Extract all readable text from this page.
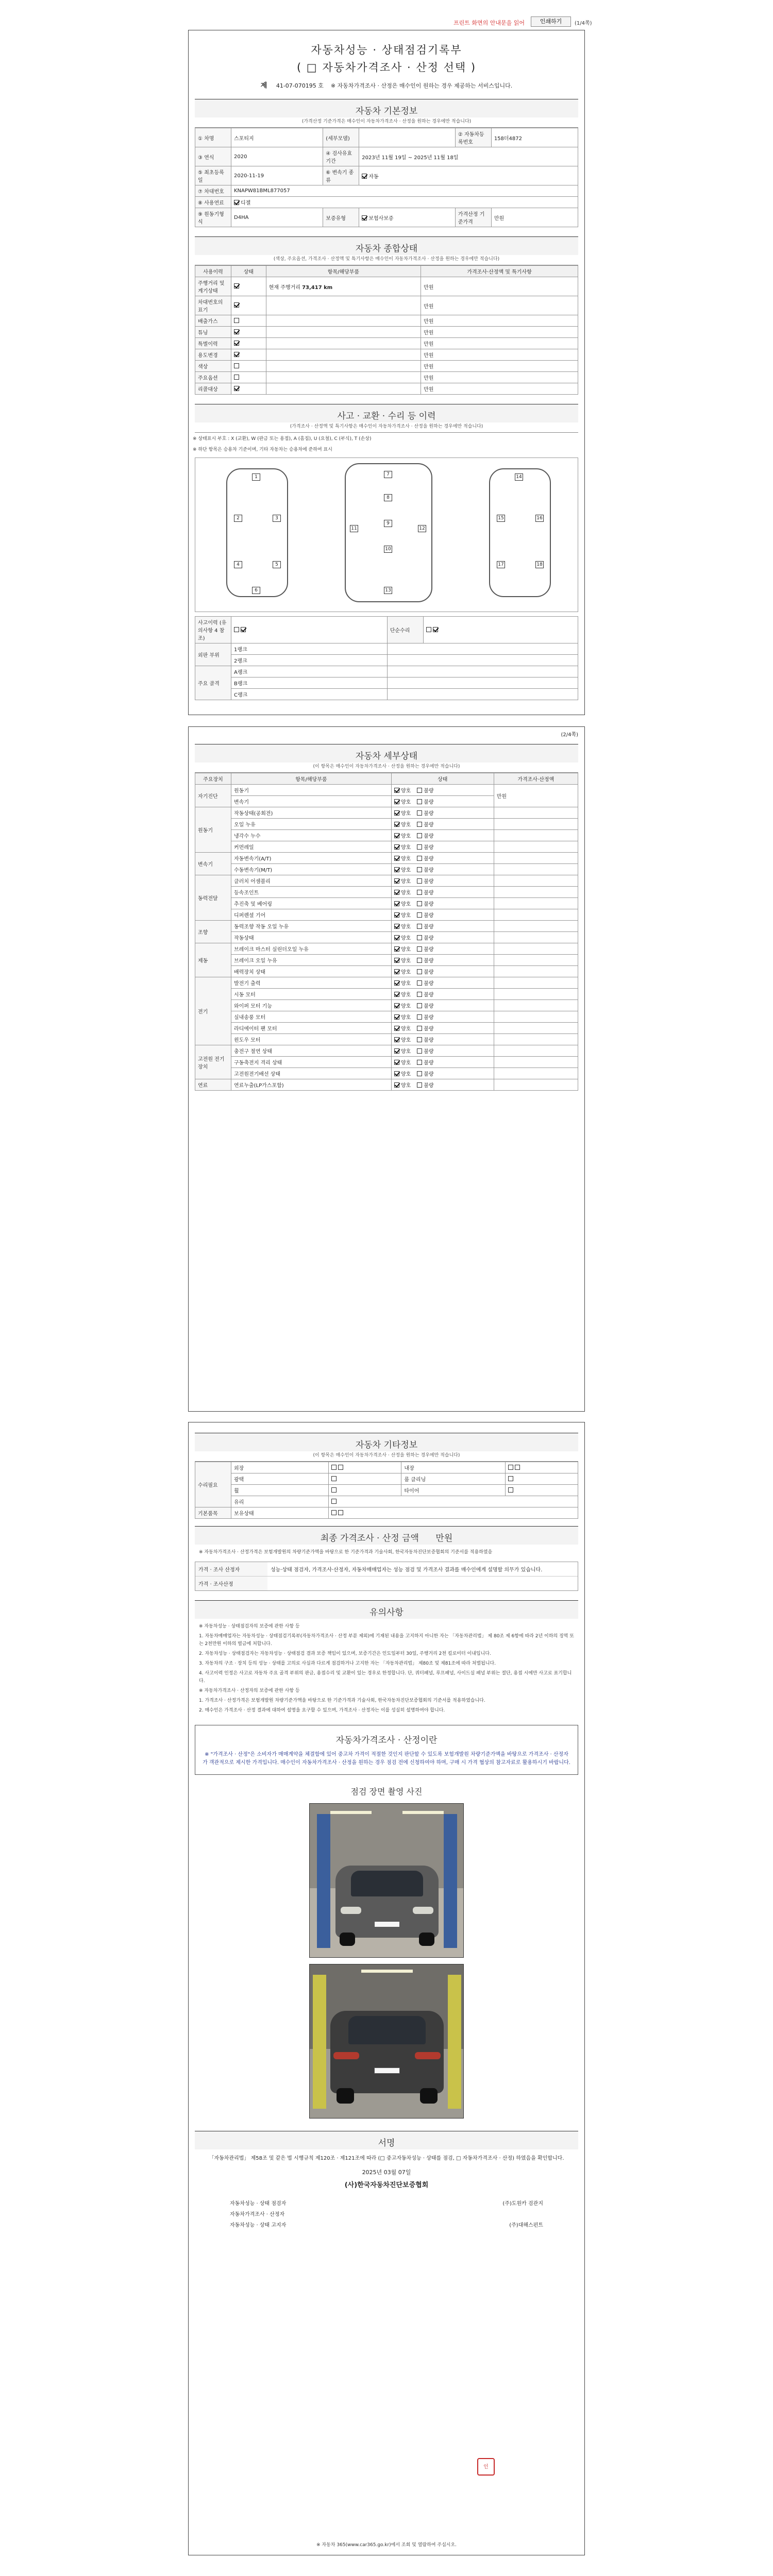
프린트 화면의 안내문을 읽어	인쇄하기	(1/4쪽)
자동차성능 · 상태점검기록부
( □ 자동차가격조사 · 산정 선택 )
제 41-07-070195 호 ※ 자동차가격조사 · 산정은 매수인이 원하는 경우 제공하는 서비스입니다.
자동차 기본정보
(가격산정 기준가격은 매수인이 자동차가격조사 · 산정을 원하는 경우에만 적습니다)
① 차명	스포티지	(세부모델)		② 자동차등록번호	158더4872
③ 연식	2020	④ 검사유효기간	2023년 11월 19일 ~ 2025년 11월 18일		
⑤ 최초등록일	2020-11-19	⑥ 변속기 종류	자동		
⑦ 차대번호	KNAPW81BML877057				
⑧ 사용연료	디젤				
⑨ 원동기형식	D4HA	보증유형	보험사보증	가격산정 기준가격	만원
자동차 종합상태
(색상, 주요옵션, 가격조사 · 산정액 및 특기사항은 매수인이 자동차가격조사 · 산정을 원하는 경우에만 적습니다)
사용이력	상태	항목/해당부품	가격조사·산정액 및 특기사항
주행거리 및 계기상태		현재 주행거리 73,417 km	만원
차대번호의 표기			만원
배출가스			만원
튜닝			만원
특별이력			만원
용도변경			만원
색상			만원
주요옵션			만원
리콜대상			만원
사고 · 교환 · 수리 등 이력
(가격조사 · 산정액 및 특기사항은 매수인이 자동차가격조사 · 산정을 원하는 경우에만 적습니다)
※ 상태표시 부호 : X (교환), W (판금 또는 용접), A (흠집), U (요철), C (부식), T (손상)
※ 하단 항목은 승용차 기준이며, 기타 자동차는 승용차에 준하여 표시
1
2	3
4	5
6
7
8
9
10
11	12
13
14
15	16
17	18
사고이력 (유의사항 4 참조)		단순수리	
외판 부위	1랭크		
	2랭크		
주요 골격	A랭크		
	B랭크		
	C랭크		
(2/4쪽)
자동차 세부상태
(이 항목은 매수인이 자동차가격조사 · 산정을 원하는 경우에만 적습니다)
주요장치	항목/해당부품	상태	가격조사·산정액
자기진단	원동기	양호 불량	만원
	변속기	양호 불량	
원동기	작동상태(공회전)	양호 불량	
	오일 누유	양호 불량	
	냉각수 누수	양호 불량	
	커먼레일	양호 불량	
변속기	자동변속기(A/T)	양호 불량	
	수동변속기(M/T)	양호 불량	
동력전달	클러치 어셈블리	양호 불량	
	등속조인트	양호 불량	
	추진축 및 베어링	양호 불량	
	디퍼렌셜 기어	양호 불량	
조향	동력조향 작동 오일 누유	양호 불량	
	작동상태	양호 불량	
제동	브레이크 마스터 실린더오일 누유	양호 불량	
	브레이크 오일 누유	양호 불량	
	배력장치 상태	양호 불량	
전기	발전기 출력	양호 불량	
	시동 모터	양호 불량	
	와이퍼 모터 기능	양호 불량	
	실내송풍 모터	양호 불량	
	라디에이터 팬 모터	양호 불량	
	윈도우 모터	양호 불량	
고전원 전기장치	충전구 절연 상태	양호 불량	
	구동축전지 격리 상태	양호 불량	
	고전원전기배선 상태	양호 불량	
연료	연료누출(LP가스포함)	양호 불량	
자동차 기타정보
(이 항목은 매수인이 자동차가격조사 · 산정을 원하는 경우에만 적습니다)
수리필요	외장		내장	
	광택		룸 클리닝	
	휠		타이어	
	유리			
기본품목	보유상태			
최종 가격조사 · 산정 금액 만원
※ 자동차가격조사 · 산정가격은 보험개발원의 차량기준가액을 바탕으로 한 기준가격과 기술사회, 한국자동차진단보증협회의 기준서를 적용하였음
가격 · 조사 산정자	성능·상태 점검자, 가격조사·산정자, 자동차매매업자는 성능 점검 및 가격조사 결과를 매수인에게 설명할 의무가 있습니다.
가격 · 조사산정
유의사항

※ 자동차성능 · 상태점검자의 보증에 관한 사항 등

1. 자동차매매업자는 자동차성능 · 상태점검기록부(자동차가격조사 · 산정 부분 제외)에 기재된 내용을 고지하지 아니한 자는 「자동차관리법」 제 80조 제 6항에 따라 2년 이하의 징역 또는 2천만원 이하의 벌금에 처합니다.

2. 자동차성능 · 상태점검자는 자동차성능 · 상태점검 결과 보증 책임이 있으며, 보증기간은 인도일부터 30일, 주행거리 2천 킬로미터 이내입니다.

3. 자동차의 구조 · 장치 등의 성능 · 상태를 고의로 사실과 다르게 점검하거나 고지한 자는 「자동차관리법」 제80조 및 제81조에 따라 처벌됩니다.

4. 사고이력 인정은 사고로 자동차 주요 골격 부위의 판금, 용접수리 및 교환이 있는 경우로 한정합니다. 단, 쿼터패널, 루프패널, 사이드실 패널 부위는 절단, 용접 시에만 사고로 표기합니다.

※ 자동차가격조사 · 산정자의 보증에 관한 사항 등

1. 가격조사 · 산정가격은 보험개발원 차량기준가액을 바탕으로 한 기준가격과 기술사회, 한국자동차진단보증협회의 기준서를 적용하였습니다.

2. 매수인은 가격조사 · 산정 결과에 대하여 설명을 요구할 수 있으며, 가격조사 · 산정자는 이를 성실히 설명하여야 합니다.

자동차가격조사 · 산정이란

※ "가격조사 · 산정"은 소비자가 매매계약을 체결함에 있어 중고차 가격이 적절한 것인지 판단할 수 있도록 보험개발원 차량기준가액을 바탕으로 가격조사 · 산정자가 객관적으로 제시한 가격입니다. 매수인이 자동차가격조사 · 산정을 원하는 경우 점검 전에 신청하여야 하며, 구매 시 가격 협상의 참고자료로 활용하시기 바랍니다.

점검 장면 촬영 사진
서명
「자동차관리법」 제58조 및 같은 법 시행규칙 제120조 · 제121조에 따라 (□ 중고자동차성능 · 상태를 점검, □ 자동차가격조사 · 산정) 하였음을 확인합니다.
2025년 03월 07일
(사)한국자동차진단보증협회
자동차성능 · 상태 점검자	(주)도원카 검관지
자동차가격조사 · 산정자
자동차성능 · 상태 고지자	(주)대해스펀트
인
※ 자동차 365(www.car365.go.kr)에서 조회 및 열람하여 주십시오.
